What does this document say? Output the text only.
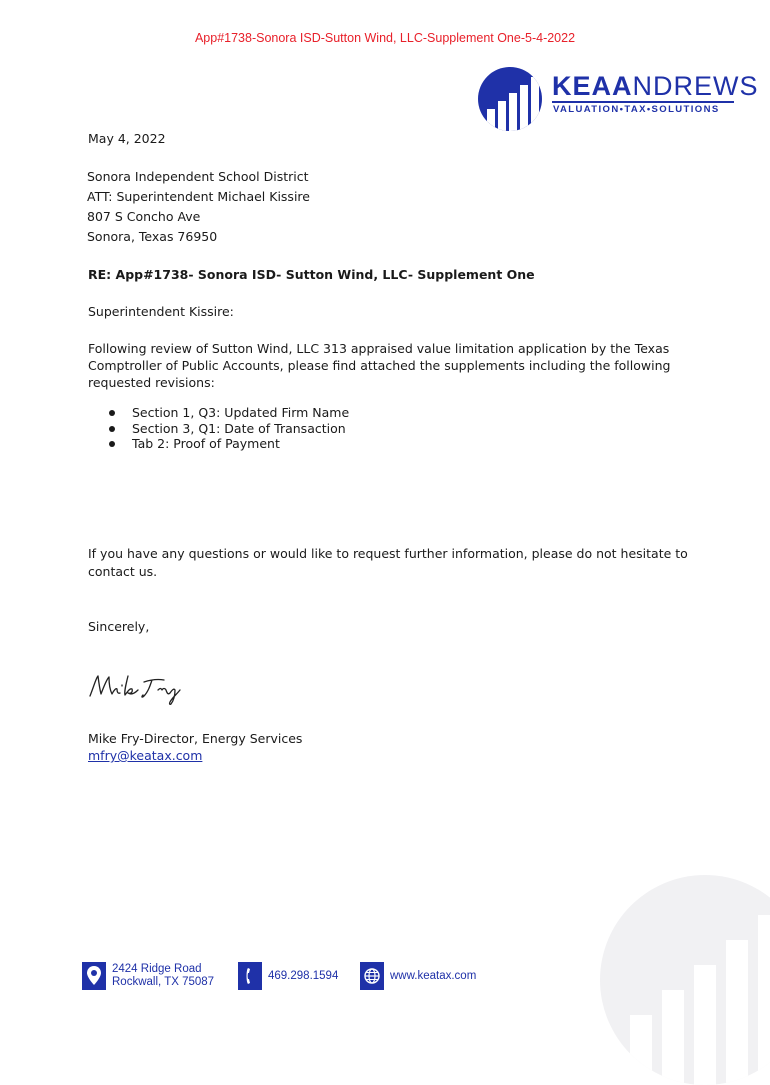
App#1738-Sonora ISD-Sutton Wind, LLC-Supplement One-5-4-2022
KEAANDREWS
VALUATION•TAX•SOLUTIONS
May 4, 2022
Sonora Independent School District
ATT: Superintendent Michael Kissire
807 S Concho Ave
Sonora, Texas 76950
RE: App#1738- Sonora ISD- Sutton Wind, LLC- Supplement One
Superintendent Kissire:
Following review of Sutton Wind, LLC 313 appraised value limitation application by the Texas
Comptroller of Public Accounts, please find attached the supplements including the following
requested revisions:
Section 1, Q3: Updated Firm Name
Section 3, Q1: Date of Transaction
Tab 2: Proof of Payment
If you have any questions or would like to request further information, please do not hesitate to
contact us.
Sincerely,
Mike Fry-Director, Energy Services
mfry@keatax.com
2424 Ridge Road
Rockwall, TX 75087	469.298.1594	www.keatax.com
